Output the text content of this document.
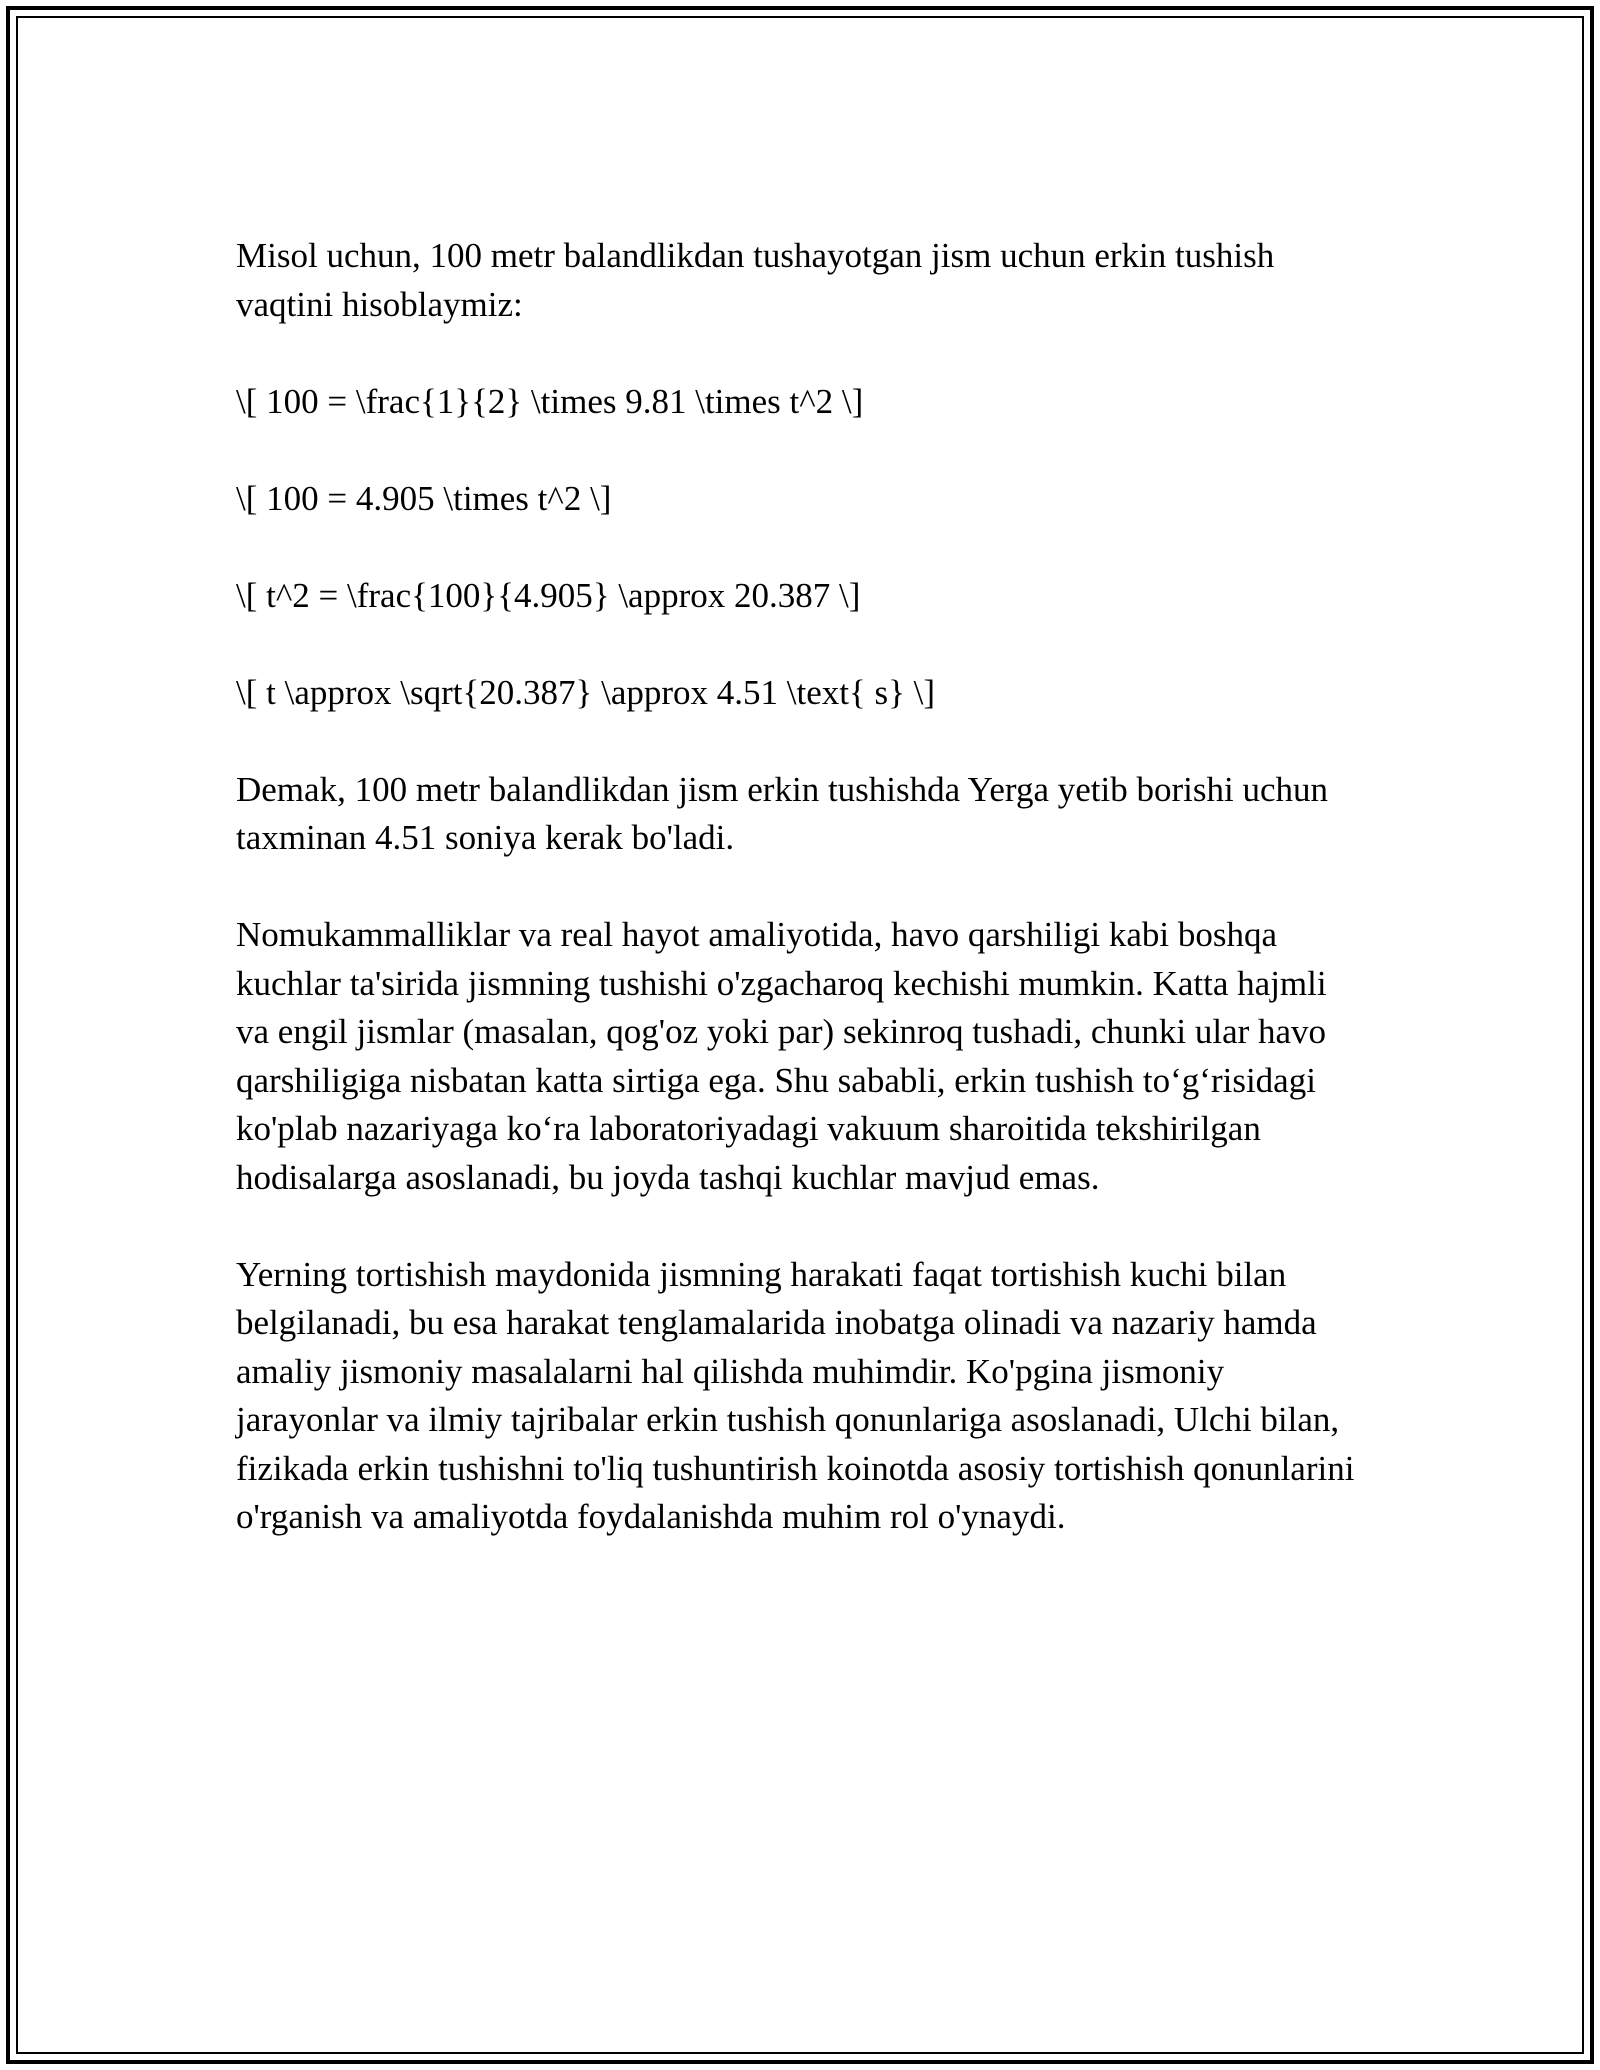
Misol uchun, 100 metr balandlikdan tushayotgan jism uchun erkin tushish vaqtini hisoblaymiz:

\[ 100 = \frac{1}{2} \times 9.81 \times t^2 \]

\[ 100 = 4.905 \times t^2 \]

\[ t^2 = \frac{100}{4.905} \approx 20.387 \]

\[ t \approx \sqrt{20.387} \approx 4.51 \text{ s} \]

Demak, 100 metr balandlikdan jism erkin tushishda Yerga yetib borishi uchun taxminan 4.51 soniya kerak bo'ladi.

Nomukammalliklar va real hayot amaliyotida, havo qarshiligi kabi boshqa kuchlar ta'sirida jismning tushishi o'zgacharoq kechishi mumkin. Katta hajmli va engil jismlar (masalan, qog'oz yoki par) sekinroq tushadi, chunki ular havo qarshiligiga nisbatan katta sirtiga ega. Shu sababli, erkin tushish to‘g‘risidagi ko'plab nazariyaga ko‘ra laboratoriyadagi vakuum sharoitida tekshirilgan hodisalarga asoslanadi, bu joyda tashqi kuchlar mavjud emas.

Yerning tortishish maydonida jismning harakati faqat tortishish kuchi bilan belgilanadi, bu esa harakat tenglamalarida inobatga olinadi va nazariy hamda amaliy jismoniy masalalarni hal qilishda muhimdir. Ko'pgina jismoniy jarayonlar va ilmiy tajribalar erkin tushish qonunlariga asoslanadi, Ulchi bilan, fizikada erkin tushishni to'liq tushuntirish koinotda asosiy tortishish qonunlarini o'rganish va amaliyotda foydalanishda muhim rol o'ynaydi.
